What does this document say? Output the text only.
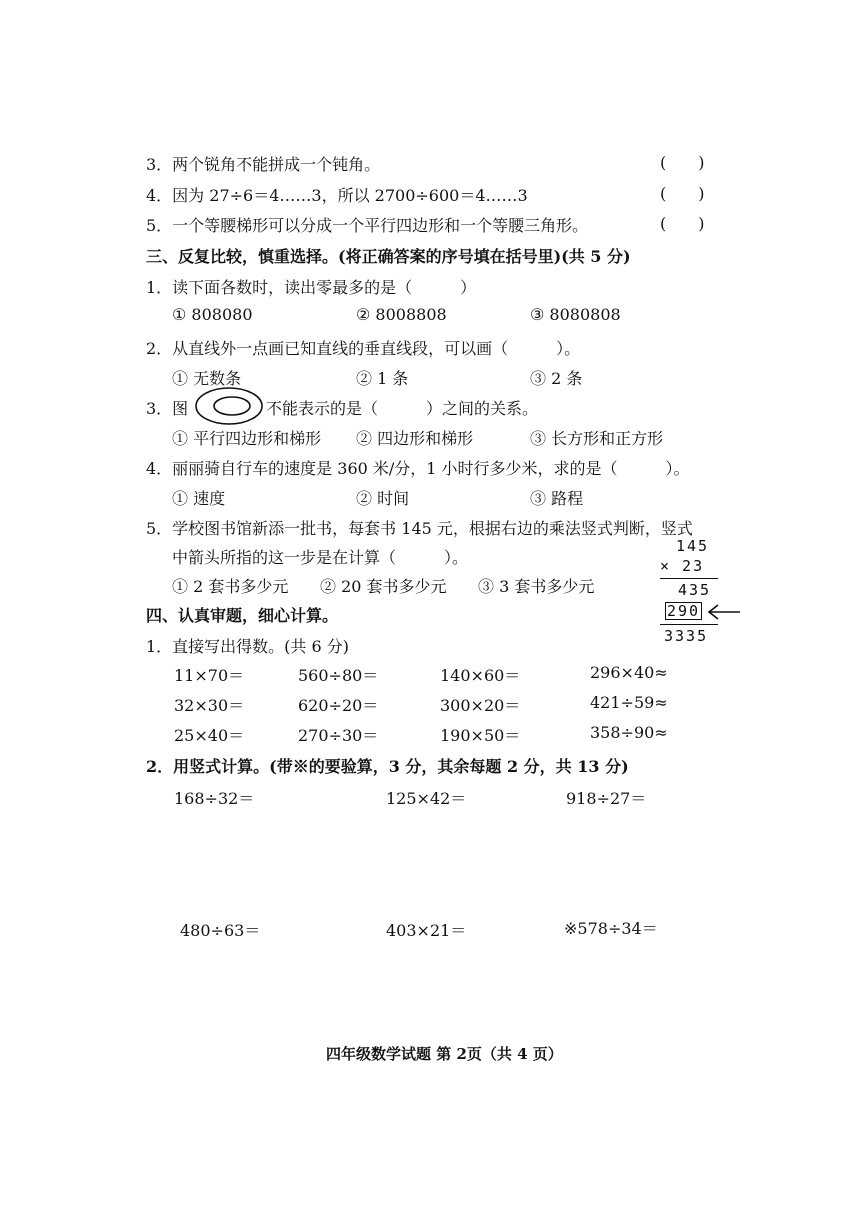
3．两个锐角不能拼成一个钝角。	(　　)
4．因为 27÷6＝4……3，所以 2700÷600＝4……3	(　　)
5．一个等腰梯形可以分成一个平行四边形和一个等腰三角形。	(　　)
三、反复比较，慎重选择。(将正确答案的序号填在括号里)(共 5 分)
1．读下面各数时，读出零最多的是（　　　）
① 808080	② 8008808	③ 8080808
2．从直线外一点画已知直线的垂直线段，可以画（　　　）。
① 无数条	② 1 条	③ 2 条
3．图	不能表示的是（　　　）之间的关系。
① 平行四边形和梯形 ② 四边形和梯形	③ 长方形和正方形
4．丽丽骑自行车的速度是 360 米/分，1 小时行多少米，求的是（　　　）。
① 速度	② 时间	③ 路程
5．学校图书馆新添一批书，每套书 145 元，根据右边的乘法竖式判断，竖式
中箭头所指的这一步是在计算（　　　）。
① 2 套书多少元 ② 20 套书多少元 ③ 3 套书多少元
145
× 23
435
290
3335
四、认真审题，细心计算。
1．直接写出得数。(共 6 分)
11×70＝	560÷80＝	140×60＝	296×40≈
32×30＝	620÷20＝	300×20＝	421÷59≈
25×40＝	270÷30＝	190×50＝	358÷90≈
2．用竖式计算。(带※的要验算，3 分，其余每题 2 分，共 13 分)
168÷32＝	125×42＝	918÷27＝
480÷63＝	403×21＝	※578÷34＝
四年级数学试题 第 2页（共 4 页）
